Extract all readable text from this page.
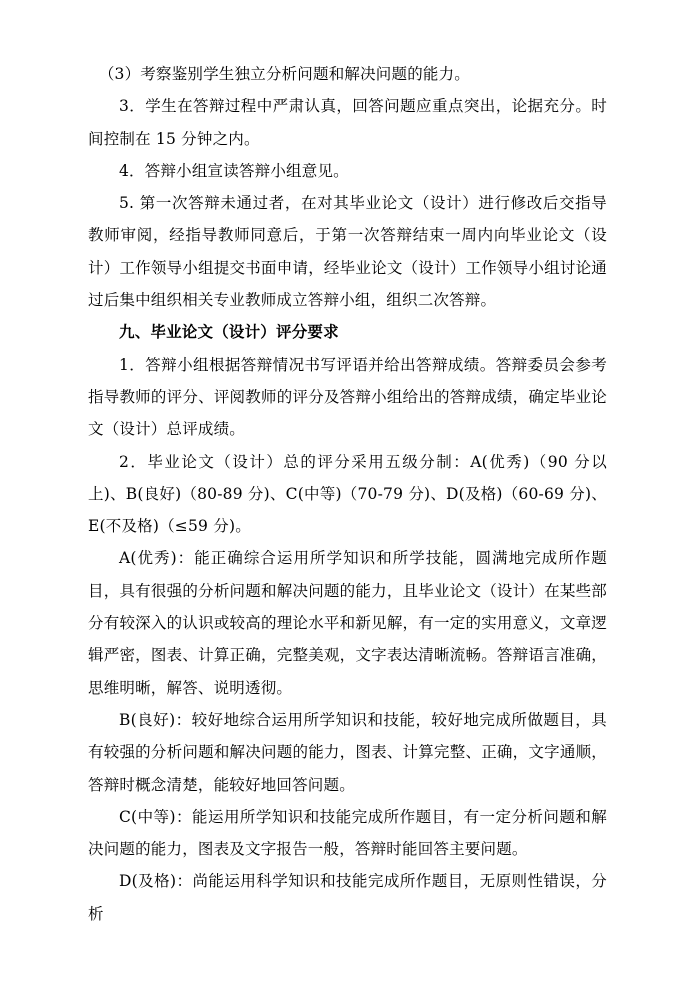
（3）考察鉴别学生独立分析问题和解决问题的能力。

3．学生在答辩过程中严肃认真，回答问题应重点突出，论据充分。时间控制在 15 分钟之内。

4．答辩小组宣读答辩小组意见。

5. 第一次答辩未通过者，在对其毕业论文（设计）进行修改后交指导教师审阅，经指导教师同意后，于第一次答辩结束一周内向毕业论文（设计）工作领导小组提交书面申请，经毕业论文（设计）工作领导小组讨论通过后集中组织相关专业教师成立答辩小组，组织二次答辩。

九、毕业论文（设计）评分要求

1．答辩小组根据答辩情况书写评语并给出答辩成绩。答辩委员会参考指导教师的评分、评阅教师的评分及答辩小组给出的答辩成绩，确定毕业论文（设计）总评成绩。

2．毕业论文（设计）总的评分采用五级分制：A(优秀)（90 分以上)、B(良好)（80-89 分)、C(中等)（70-79 分)、D(及格)（60-69 分)、E(不及格)（≤59 分)。

A(优秀)：能正确综合运用所学知识和所学技能，圆满地完成所作题目，具有很强的分析问题和解决问题的能力，且毕业论文（设计）在某些部分有较深入的认识或较高的理论水平和新见解，有一定的实用意义，文章逻辑严密，图表、计算正确，完整美观，文字表达清晰流畅。答辩语言准确，思维明晰，解答、说明透彻。

B(良好)：较好地综合运用所学知识和技能，较好地完成所做题目，具有较强的分析问题和解决问题的能力，图表、计算完整、正确，文字通顺，答辩时概念清楚，能较好地回答问题。

C(中等)：能运用所学知识和技能完成所作题目，有一定分析问题和解决问题的能力，图表及文字报告一般，答辩时能回答主要问题。

D(及格)：尚能运用科学知识和技能完成所作题目，无原则性错误，分析
